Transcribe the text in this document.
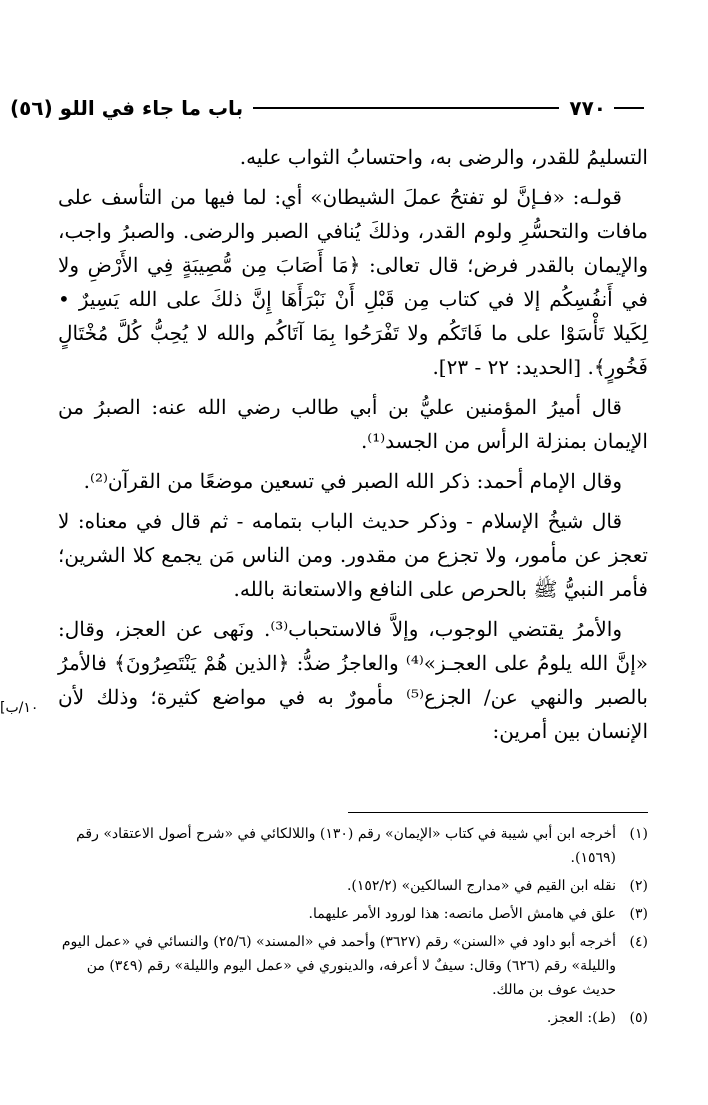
٧٧٠
باب ما جاء في اللو (٥٦)

التسليمُ للقدر، والرضى به، واحتسابُ الثواب عليه.

قولـه: «فـإنَّ لو تفتحُ عملَ الشيطان» أي: لما فيها من التأسف على مافات والتحسُّرِ ولوم القدر، وذلكَ يُنافي الصبر والرضى. والصبرُ واجب، والإيمان بالقدر فرض؛ قال تعالى: ﴿مَا أَصَابَ مِن مُّصِيبَةٍ فِي الأَرْضِ ولا في أَنفُسِكُم إلا في كتاب مِن قَبْلِ أَنْ نَبْرَأَهَا إِنَّ ذلكَ على الله يَسِيرٌ • لِكَيلا تَأْسَوْا على ما فَاتَكُم ولا تَفْرَحُوا بِمَا آتَاكُم والله لا يُحِبُّ كُلَّ مُخْتَالٍ فَخُورٍ﴾. [الحديد: ٢٢ - ٢٣].

قال أميرُ المؤمنين عليُّ بن أبي طالب رضي الله عنه: الصبرُ من الإيمان بمنزلة الرأس من الجسد⁽¹⁾.

وقال الإمام أحمد: ذكر الله الصبر في تسعين موضعًا من القرآن⁽²⁾.

قال شيخُ الإسلام - وذكر حديث الباب بتمامه - ثم قال في معناه: لا تعجز عن مأمور، ولا تجزع من مقدور. ومن الناس مَن يجمع كلا الشرين؛ فأمر النبيُّ ﷺ بالحرص على النافع والاستعانة بالله.

والأمرُ يقتضي الوجوب، وإلاَّ فالاستحباب⁽³⁾. ونَهى عن العجز، وقال: «إنَّ الله يلومُ على العجـز»⁽⁴⁾ والعاجزُ ضدُّ: ﴿الذين هُمْ يَنْتَصِرُونَ﴾ فالأمرُ بالصبر والنهي عن/ الجزع⁽⁵⁾ مأمورٌ به في مواضع كثيرة؛ وذلك لأن الإنسان بين أمرين:

١٠/ب]
(١)
أخرجه ابن أبي شيبة في كتاب «الإيمان» رقم (١٣٠) واللالكائي في «شرح أصول الاعتقاد» رقم (١٥٦٩).
(٢)
نقله ابن القيم في «مدارج السالكين» (١٥٢/٢).
(٣)
علق في هامش الأصل مانصه: هذا لورود الأمر عليهما.
(٤)
أخرجه أبو داود في «السنن» رقم (٣٦٢٧) وأحمد في «المسند» (٢٥/٦) والنسائي في «عمل اليوم والليلة» رقم (٦٢٦) وقال: سيفٌ لا أعرفه، والدينوري في «عمل اليوم والليلة» رقم (٣٤٩) من حديث عوف بن مالك.
(٥)
(ط): العجز.
